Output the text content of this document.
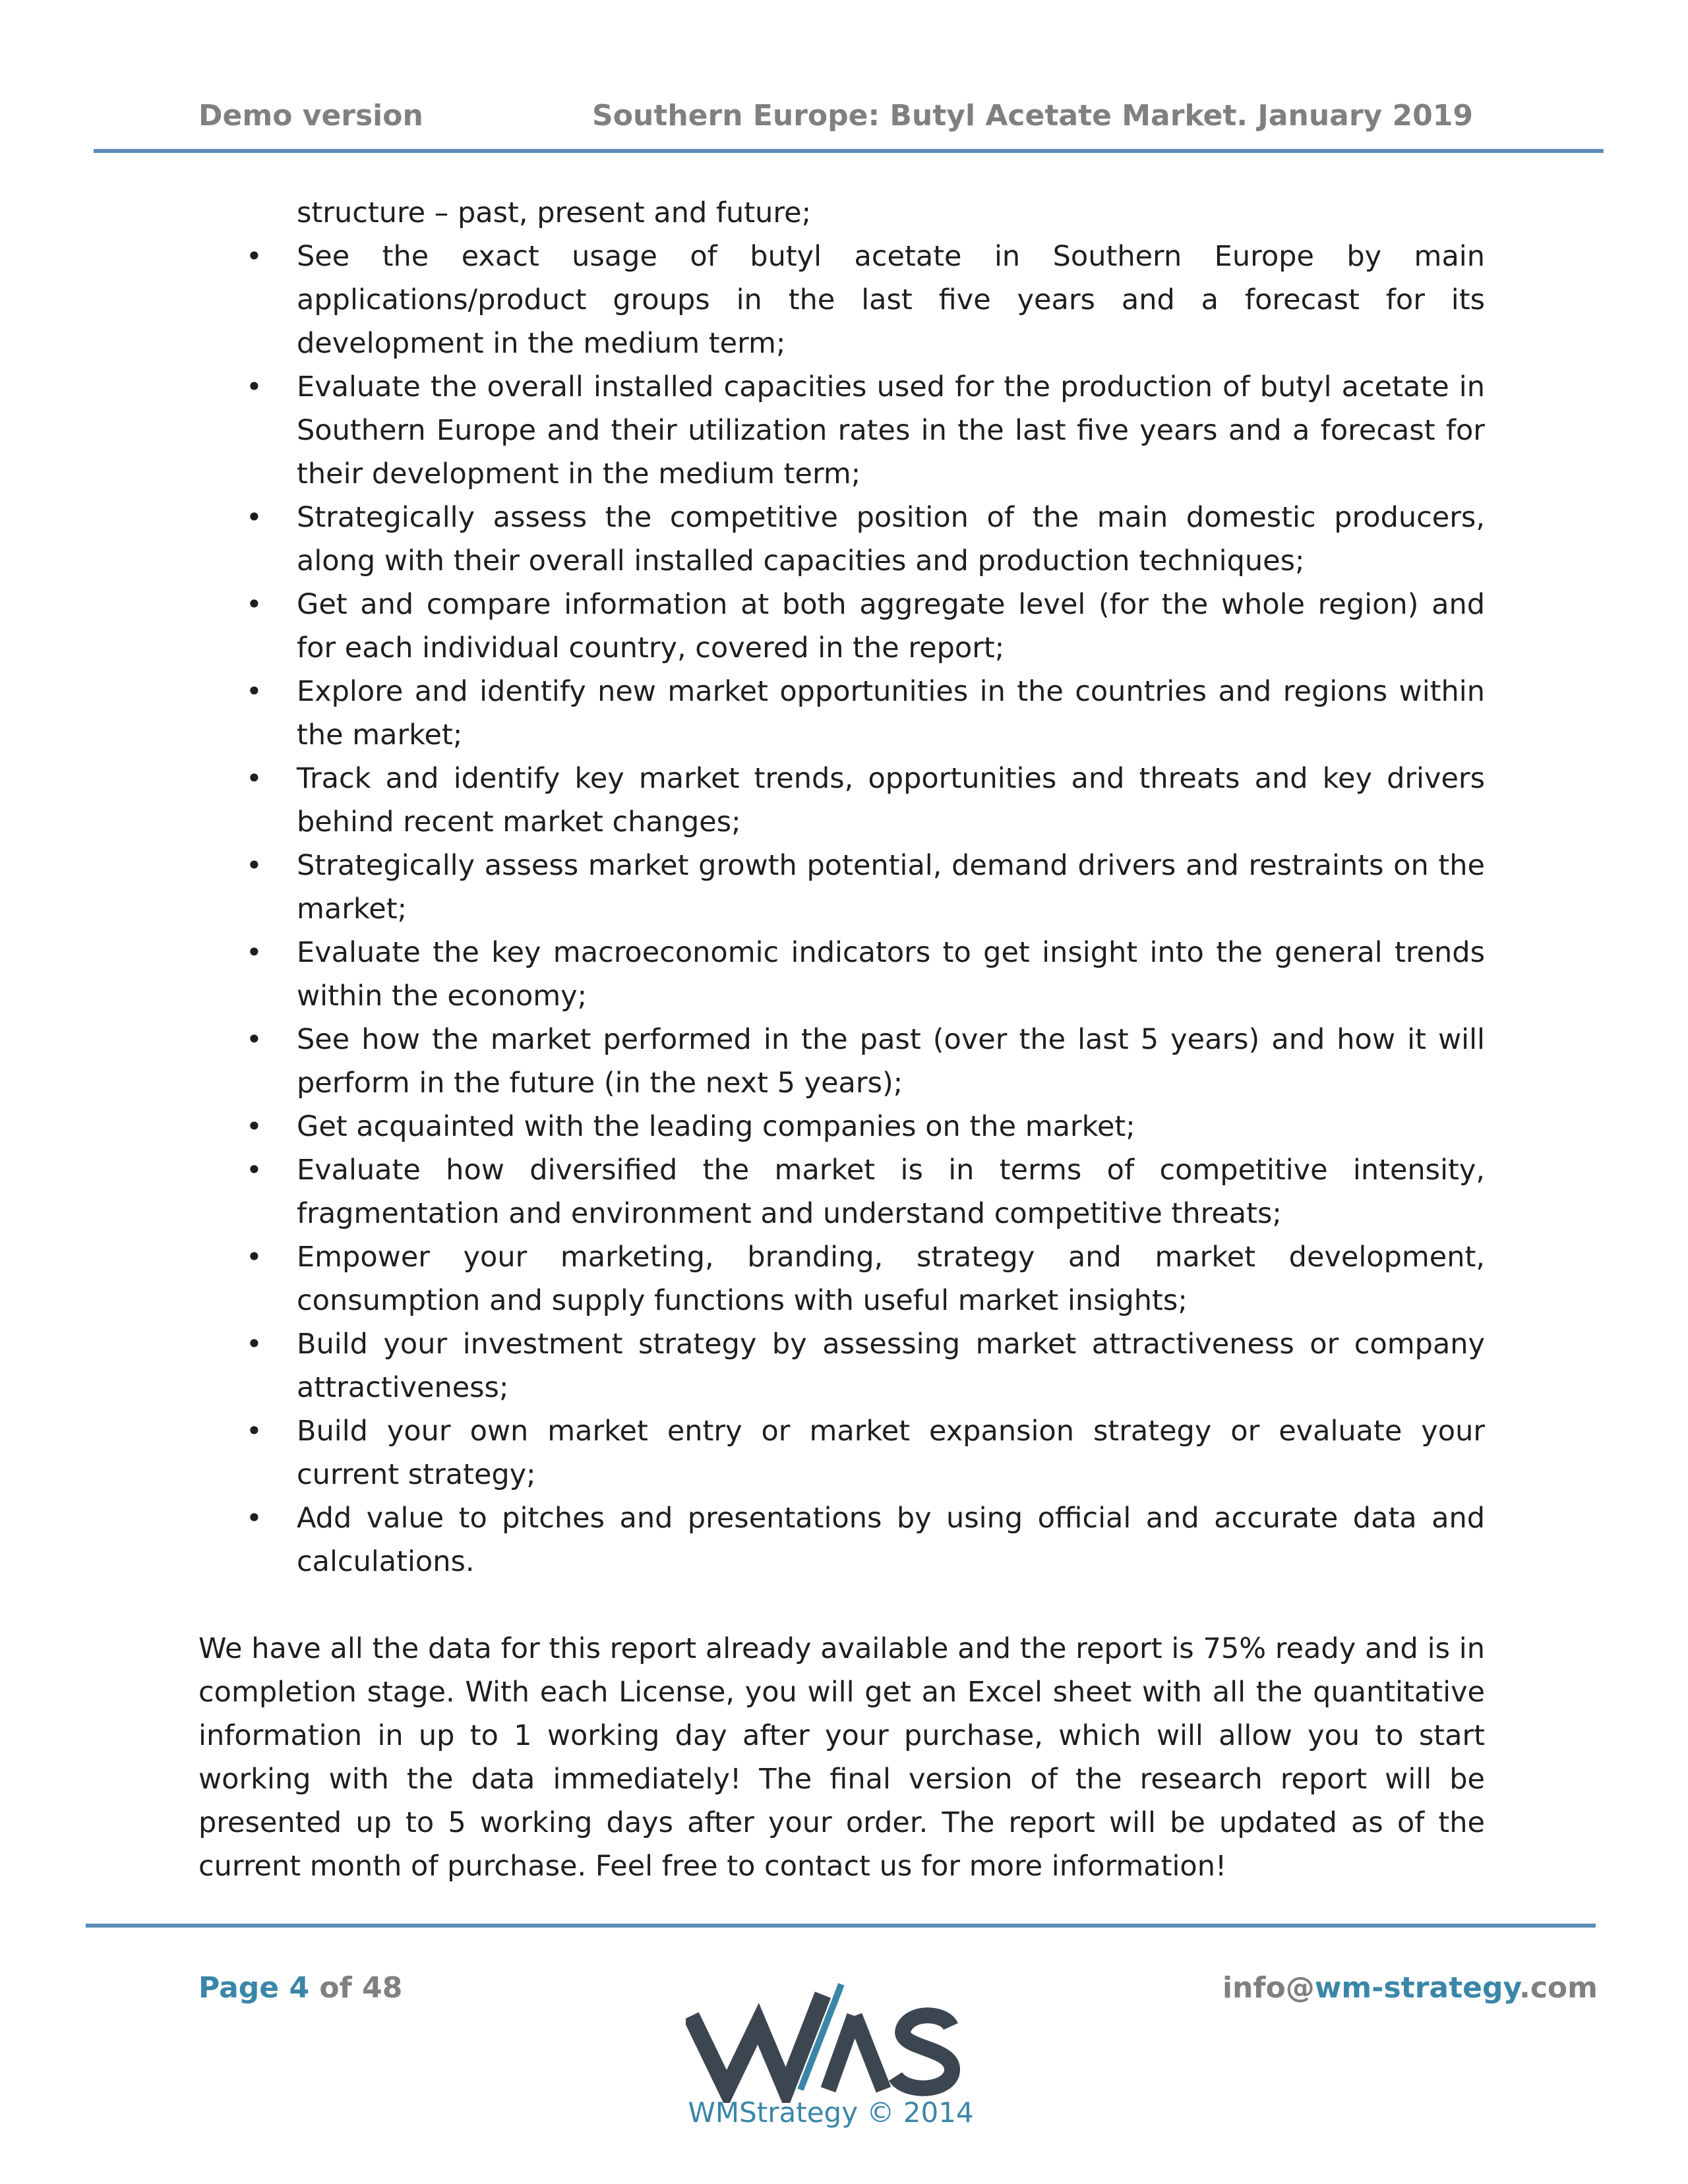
Demo version	Southern Europe: Butyl Acetate Market. January 2019
structure – past, present and future;
• See the exact usage of butyl acetate in Southern Europe by main applications/product groups in the last five years and a forecast for its development in the medium term;
• Evaluate the overall installed capacities used for the production of butyl acetate in Southern Europe and their utilization rates in the last five years and a forecast for their development in the medium term;
• Strategically assess the competitive position of the main domestic producers, along with their overall installed capacities and production techniques;
• Get and compare information at both aggregate level (for the whole region) and for each individual country, covered in the report;
• Explore and identify new market opportunities in the countries and regions within the market;
• Track and identify key market trends, opportunities and threats and key drivers behind recent market changes;
• Strategically assess market growth potential, demand drivers and restraints on the market;
• Evaluate the key macroeconomic indicators to get insight into the general trends within the economy;
• See how the market performed in the past (over the last 5 years) and how it will perform in the future (in the next 5 years);
• Get acquainted with the leading companies on the market;
• Evaluate how diversified the market is in terms of competitive intensity, fragmentation and environment and understand competitive threats;
• Empower your marketing, branding, strategy and market development, consumption and supply functions with useful market insights;
• Build your investment strategy by assessing market attractiveness or company attractiveness;
• Build your own market entry or market expansion strategy or evaluate your current strategy;
• Add value to pitches and presentations by using official and accurate data and calculations.

We have all the data for this report already available and the report is 75% ready and is in completion stage. With each License, you will get an Excel sheet with all the quantitative information in up to 1 working day after your purchase, which will allow you to start working with the data immediately! The final version of the research report will be presented up to 5 working days after your order. The report will be updated as of the current month of purchase. Feel free to contact us for more information!

Page 4 of 48	info@wm-strategy.com
WMS
WMStrategy © 2014
